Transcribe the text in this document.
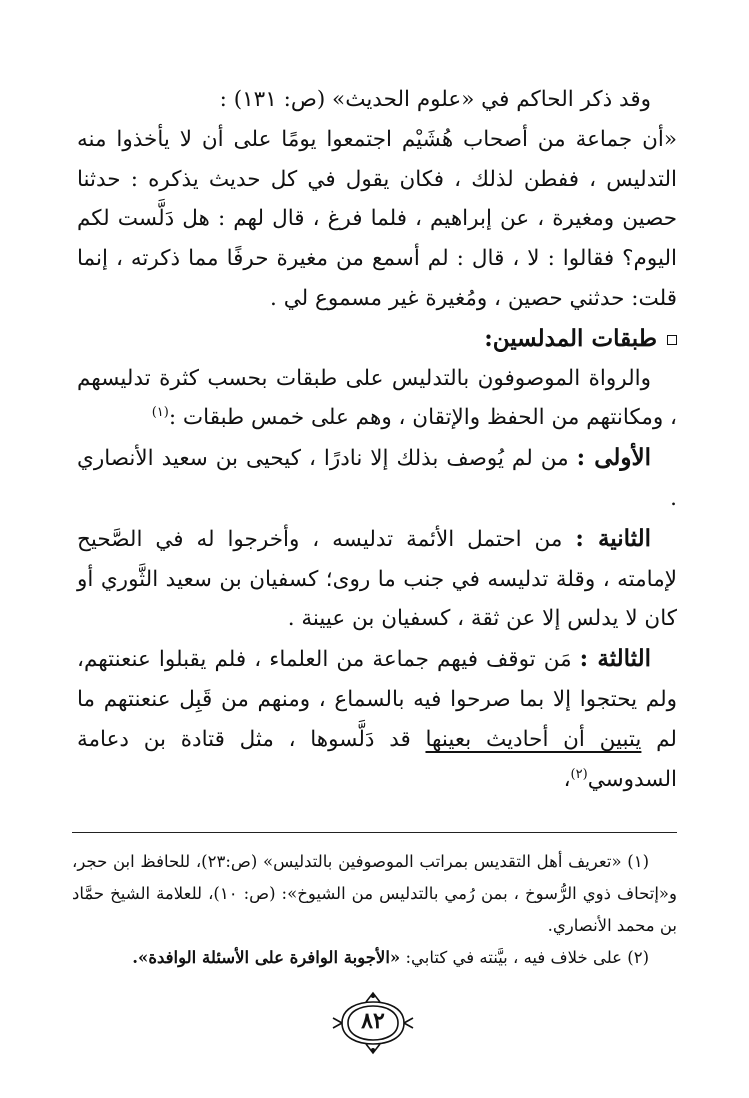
وقد ذكر الحاكم في «علوم الحديث» (ص: ١٣١) :

«أن جماعة من أصحاب هُشَيْم اجتمعوا يومًا على أن لا يأخذوا منه التدليس ، ففطن لذلك ، فكان يقول في كل حديث يذكره : حدثنا حصين ومغيرة ، عن إبراهيم ، فلما فرغ ، قال لهم : هل دَلَّست لكم اليوم؟ فقالوا : لا ، قال : لم أسمع من مغيرة حرفًا مما ذكرته ، إنما قلت: حدثني حصين ، ومُغيرة غير مسموع لي .

طبقات المدلسين:

والرواة الموصوفون بالتدليس على طبقات بحسب كثرة تدليسهم ، ومكانتهم من الحفظ والإتقان ، وهم على خمس طبقات :$^{(١)}$

الأولى : من لم يُوصف بذلك إلا نادرًا ، كيحيى بن سعيد الأنصاري .

الثانية : من احتمل الأئمة تدليسه ، وأخرجوا له في الصَّحيح لإمامته ، وقلة تدليسه في جنب ما روى؛ كسفيان بن سعيد الثَّوري أو كان لا يدلس إلا عن ثقة ، كسفيان بن عيينة .

الثالثة : مَن توقف فيهم جماعة من العلماء ، فلم يقبلوا عنعنتهم، ولم يحتجوا إلا بما صرحوا فيه بالسماع ، ومنهم من قَبِل عنعنتهم ما لم يتبين أن أحاديث بعينها قد دَلَّسوها ، مثل قتادة بن دعامة السدوسي$^{(٢)}$،

(١) «تعريف أهل التقديس بمراتب الموصوفين بالتدليس» (ص:٢٣)، للحافظ ابن حجر، و«إتحاف ذوي الرُّسوخ ، بمن رُمي بالتدليس من الشيوخ»: (ص: ١٠)، للعلامة الشيخ حمَّاد بن محمد الأنصاري.

(٢) على خلاف فيه ، بيَّنته في كتابي: «الأجوبة الوافرة على الأسئلة الوافدة».

٨٢
